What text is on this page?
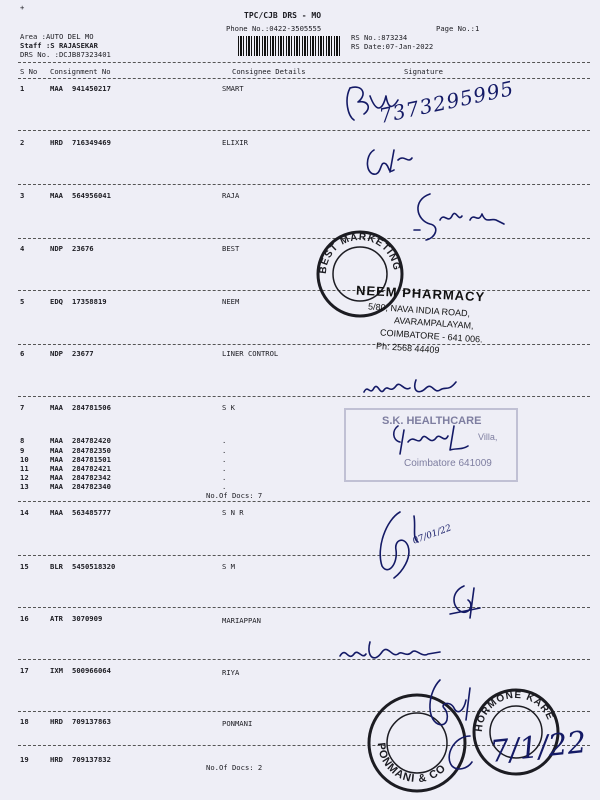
+
TPC/CJB DRS - MO
Phone No.:0422-3505555	Page No.:1
Area :AUTO DEL MO
Staff :S RAJASEKAR
DRS No. :DCJB87323401
RS No.:873234
RS Date:07-Jan-2022
S No Consignment No	Consignee Details	Signature
1	MAA 941450217	SMART
2	HRD 716349469	ELIXIR
3	MAA 564956041	RAJA
4	NDP 23676	BEST
5	EDQ 17358819	NEEM
6	NDP 23677	LINER CONTROL
7	MAA 284781506	S K
8	MAA 284782420	.
9	MAA 284782350	.
10	MAA 284781501	.
11	MAA 284782421	.
12	MAA 284782342	.
13	MAA 284782340	.
No.Of Docs: 7
14	MAA 563485777	S N R
15	BLR 5450518320	S M
16	ATR 3070909	MARIAPPAN
17	IXM 500966064	RIYA
18	HRD 709137863	PONMANI
19	HRD 709137832
No.Of Docs: 2
BEST MARKETING SERVICE
NEEM PHARMACY
5/80, NAVA INDIA ROAD,
AVARAMPALAYAM,
COIMBATORE - 641 006.
Ph: 2568 44409
S.K. HEALTHCARE
Villa,
Coimbatore 641009
PONMANI & CO
HORMONE KARE
7373295995
07/01/22
7/1/22
